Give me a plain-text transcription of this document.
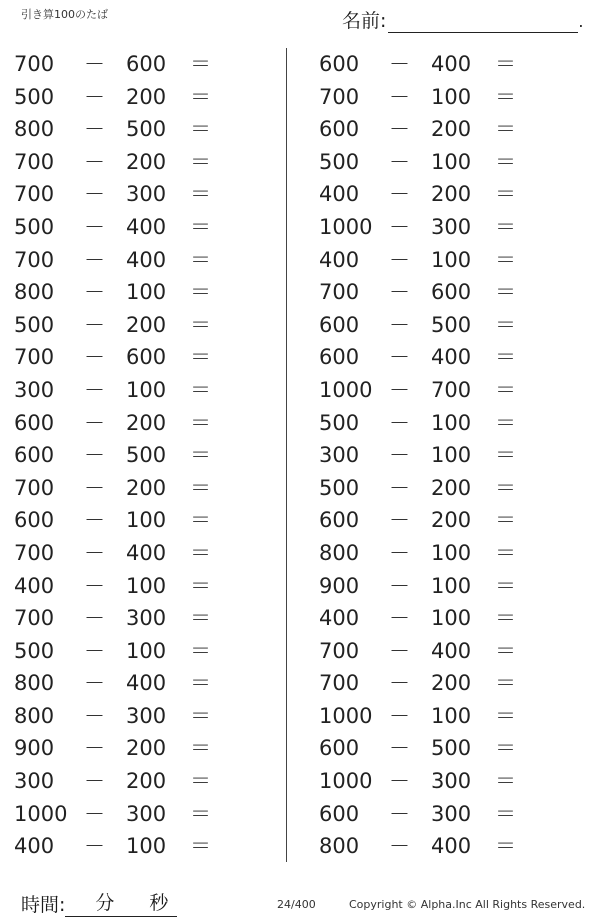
引き算100のたば	名前:	.
700 － 600 ＝
500 － 200 ＝
800 － 500 ＝
700 － 200 ＝
700 － 300 ＝
500 － 400 ＝
700 － 400 ＝
800 － 100 ＝
500 － 200 ＝
700 － 600 ＝
300 － 100 ＝
600 － 200 ＝
600 － 500 ＝
700 － 200 ＝
600 － 100 ＝
700 － 400 ＝
400 － 100 ＝
700 － 300 ＝
500 － 100 ＝
800 － 400 ＝
800 － 300 ＝
900 － 200 ＝
300 － 200 ＝
1000 － 300 ＝
400 － 100 ＝
600 － 400 ＝
700 － 100 ＝
600 － 200 ＝
500 － 100 ＝
400 － 200 ＝
1000 － 300 ＝
400 － 100 ＝
700 － 600 ＝
600 － 500 ＝
600 － 400 ＝
1000 － 700 ＝
500 － 100 ＝
300 － 100 ＝
500 － 200 ＝
600 － 200 ＝
800 － 100 ＝
900 － 100 ＝
400 － 100 ＝
700 － 400 ＝
700 － 200 ＝
1000 － 100 ＝
600 － 500 ＝
1000 － 300 ＝
600 － 300 ＝
800 － 400 ＝
時間: 分 秒	24/400	Copyright © Alpha.Inc All Rights Reserved.
